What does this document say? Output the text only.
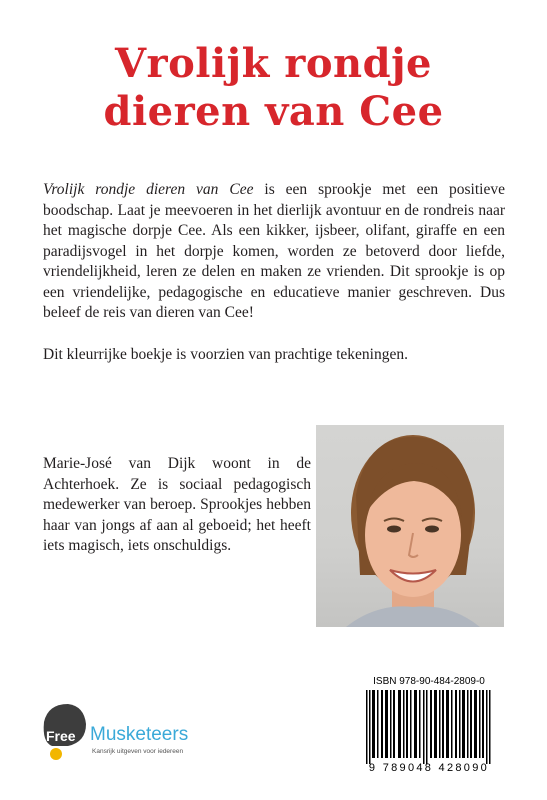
Vrolijk rondje
dieren van Cee

Vrolijk rondje dieren van Cee is een sprookje met een positieve boodschap. Laat je meevoeren in het dierlijk avontuur en de rondreis naar het magische dorpje Cee. Als een kikker, ijsbeer, olifant, giraffe en een paradijsvogel in het dorpje komen, worden ze betoverd door liefde, vriendelijkheid, leren ze delen en maken ze vrienden. Dit sprookje is op een vriendelijke, pedagogische en educatieve manier geschreven. Dus beleef de reis van dieren van Cee!

Dit kleurrijke boekje is voorzien van prachtige tekeningen.

Marie-José van Dijk woont in de Achterhoek. Ze is sociaal pedagogisch medewerker van beroep. Sprookjes hebben haar van jongs af aan al geboeid; het heeft iets magisch, iets onschuldigs.
ISBN 978-90-484-2809-0
9 789048 428090
Free Musketeers
Kansrijk uitgeven voor iedereen
